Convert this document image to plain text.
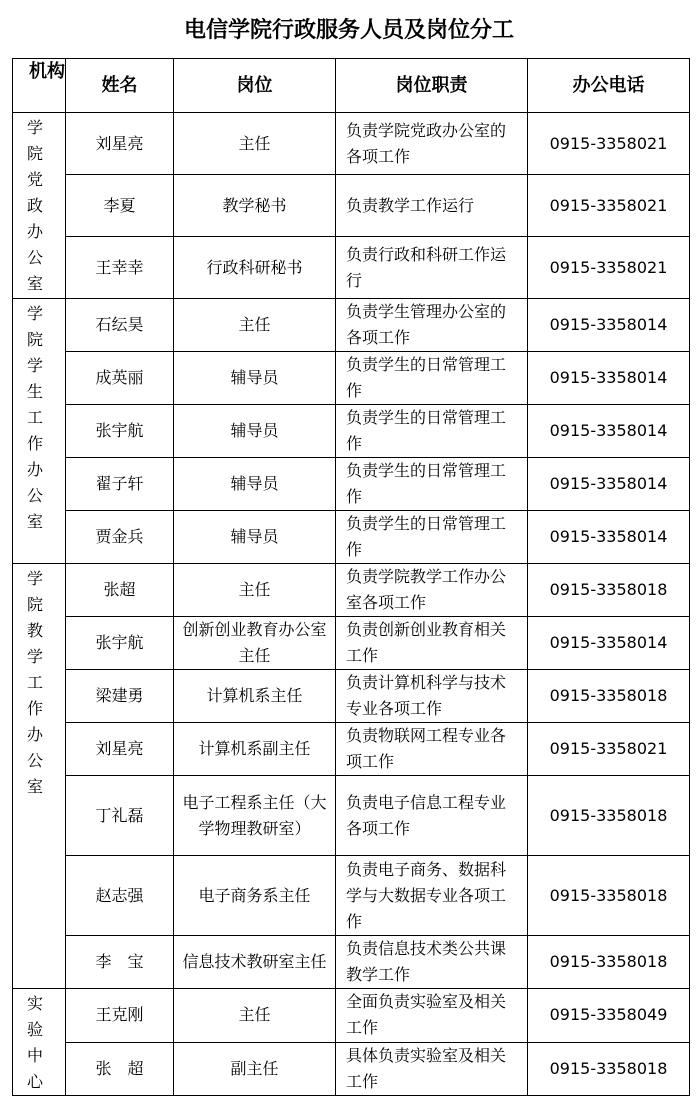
电信学院行政服务人员及岗位分工
机构	姓名	岗位	岗位职责	办公电话

学院党政办公室	刘星亮	主任	负责学院党政办公室的各项工作	0915-3358021

	李夏	教学秘书	负责教学工作运行	0915-3358021

	王幸幸	行政科研秘书	负责行政和科研工作运行	0915-3358021

学院学生工作办公室	石纭昊	主任	负责学生管理办公室的各项工作	0915-3358014

	成英丽	辅导员	负责学生的日常管理工作	0915-3358014

	张宇航	辅导员	负责学生的日常管理工作	0915-3358014

	翟子轩	辅导员	负责学生的日常管理工作	0915-3358014

	贾金兵	辅导员	负责学生的日常管理工作	0915-3358014

学院教学工作办公室	张超	主任	负责学院教学工作办公室各项工作	0915-3358018

	张宇航	创新创业教育办公室主任	负责创新创业教育相关工作	0915-3358014

	梁建勇	计算机系主任	负责计算机科学与技术专业各项工作	0915-3358018

	刘星亮	计算机系副主任	负责物联网工程专业各项工作	0915-3358021

	丁礼磊	电子工程系主任（大学物理教研室）	负责电子信息工程专业各项工作	0915-3358018

	赵志强	电子商务系主任	负责电子商务、数据科学与大数据专业各项工作	0915-3358018

	李　宝	信息技术教研室主任	负责信息技术类公共课教学工作	0915-3358018

实验中心	王克刚	主任	全面负责实验室及相关工作	0915-3358049

	张　超	副主任	具体负责实验室及相关工作	0915-3358018
